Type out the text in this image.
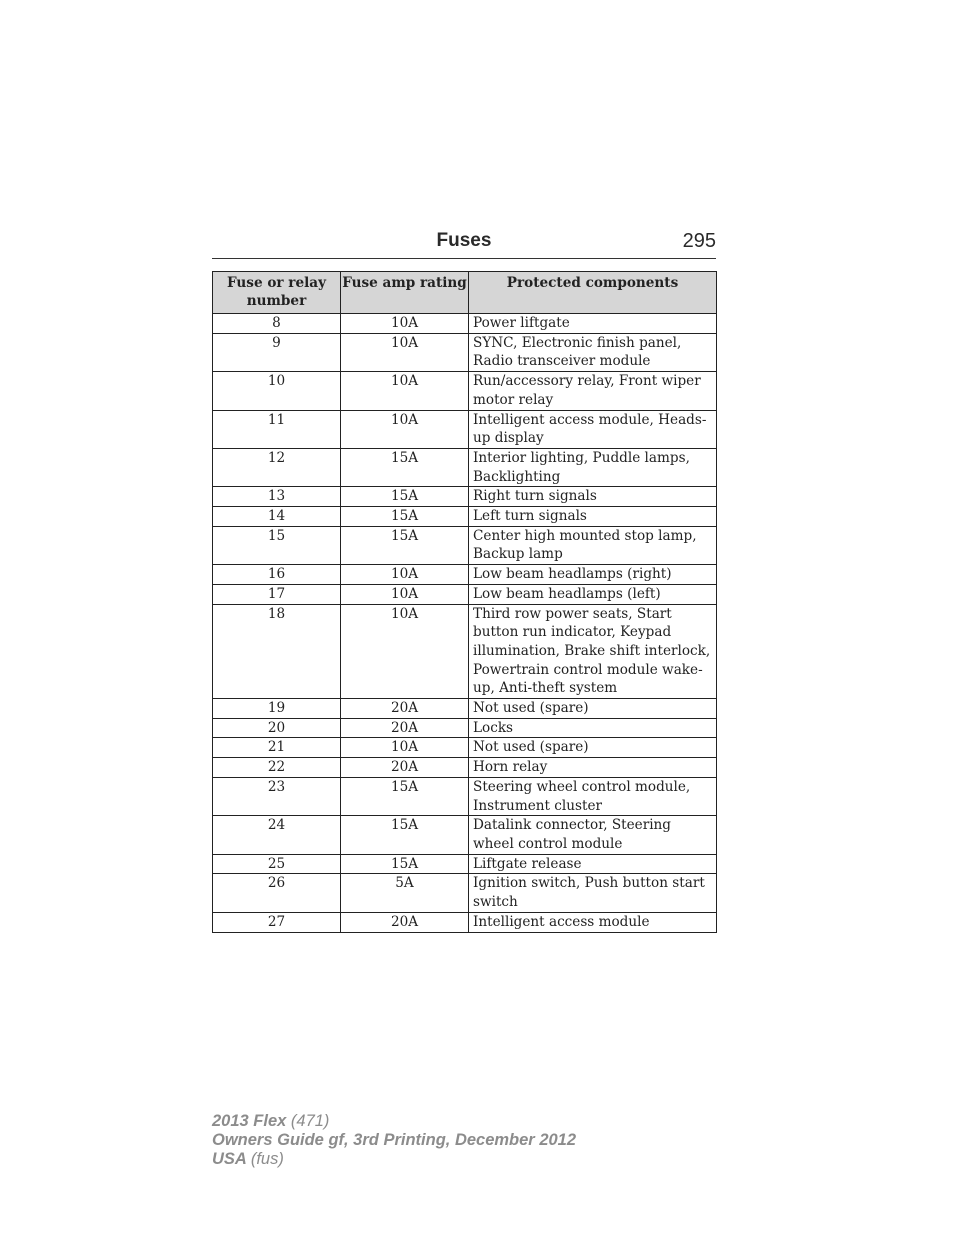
Fuses	295
Fuse or relay number	Fuse amp rating	Protected components
8	10A	Power liftgate
9	10A	SYNC, Electronic finish panel, Radio transceiver module
10	10A	Run/accessory relay, Front wiper motor relay
11	10A	Intelligent access module, Heads-up display
12	15A	Interior lighting, Puddle lamps, Backlighting
13	15A	Right turn signals
14	15A	Left turn signals
15	15A	Center high mounted stop lamp, Backup lamp
16	10A	Low beam headlamps (right)
17	10A	Low beam headlamps (left)
18	10A	Third row power seats, Start button run indicator, Keypad illumination, Brake shift interlock, Powertrain control module wake-up, Anti-theft system
19	20A	Not used (spare)
20	20A	Locks
21	10A	Not used (spare)
22	20A	Horn relay
23	15A	Steering wheel control module, Instrument cluster
24	15A	Datalink connector, Steering wheel control module
25	15A	Liftgate release
26	5A	Ignition switch, Push button start switch
27	20A	Intelligent access module
2013 Flex (471)
Owners Guide gf, 3rd Printing, December 2012
USA (fus)
